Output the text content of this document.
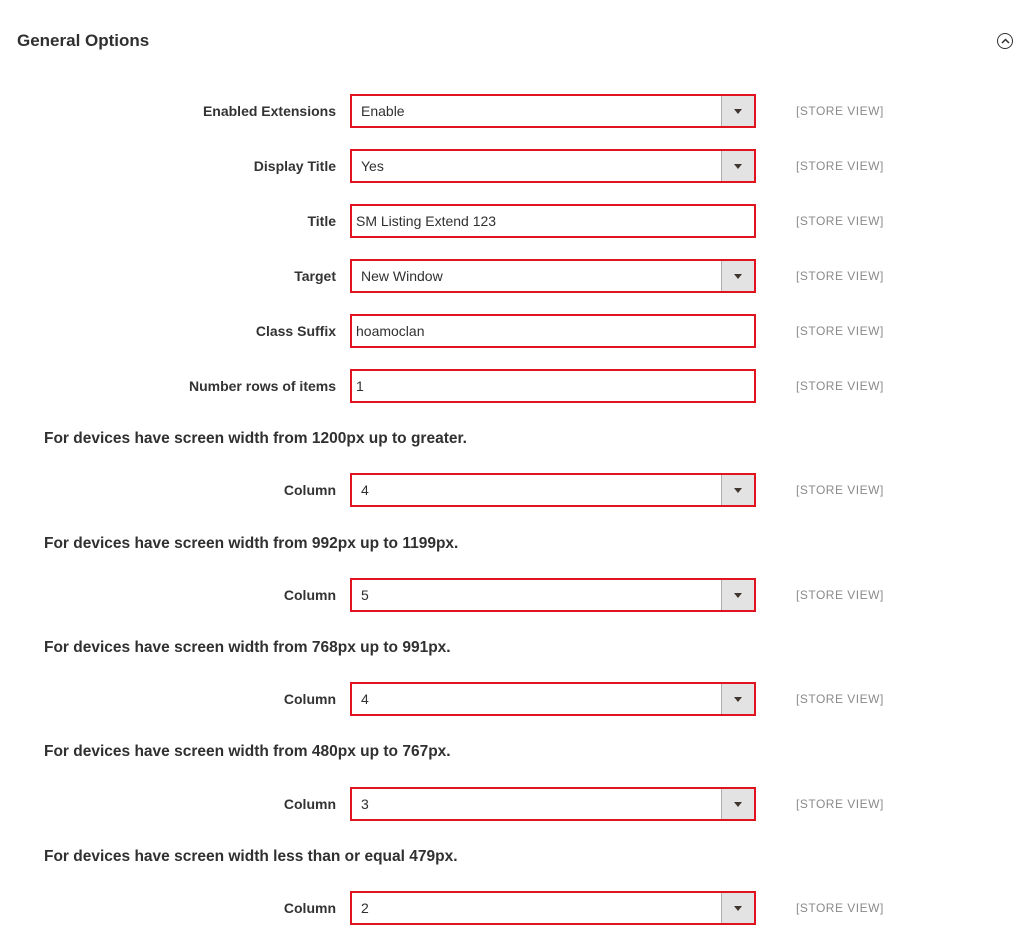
General Options
Enabled Extensions Enable	[STORE VIEW]
Display Title Yes	[STORE VIEW]
Title SM Listing Extend 123	[STORE VIEW]
Target New Window	[STORE VIEW]
Class Suffix hoamoclan	[STORE VIEW]
Number rows of items 1	[STORE VIEW]
For devices have screen width from 1200px up to greater.
Column 4	[STORE VIEW]
For devices have screen width from 992px up to 1199px.
Column 5	[STORE VIEW]
For devices have screen width from 768px up to 991px.
Column 4	[STORE VIEW]
For devices have screen width from 480px up to 767px.
Column 3	[STORE VIEW]
For devices have screen width less than or equal 479px.
Column 2	[STORE VIEW]
